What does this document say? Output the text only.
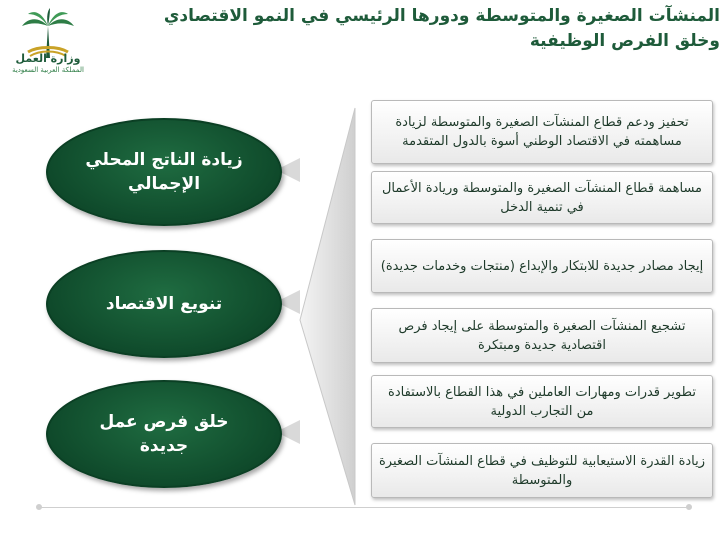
وزارة العمل
المملكة العربية السعودية
المنشآت الصغيرة والمتوسطة ودورها الرئيسي في النمو الاقتصادي وخلق الفرص الوظيفية
زيادة الناتج المحلي الإجمالي
تنويع الاقتصاد
خلق فرص عمل جديدة
تحفيز ودعم قطاع المنشآت الصغيرة والمتوسطة لزيادة مساهمته في الاقتصاد الوطني أسوة بالدول المتقدمة
مساهمة قطاع المنشآت الصغيرة والمتوسطة وريادة الأعمال في تنمية الدخل
إيجاد مصادر جديدة للابتكار والإبداع (منتجات وخدمات جديدة)
تشجيع المنشآت الصغيرة والمتوسطة على إيجاد فرص اقتصادية جديدة ومبتكرة
تطوير قدرات ومهارات العاملين في هذا القطاع بالاستفادة من التجارب الدولية
زيادة القدرة الاستيعابية للتوظيف في قطاع المنشآت الصغيرة والمتوسطة
